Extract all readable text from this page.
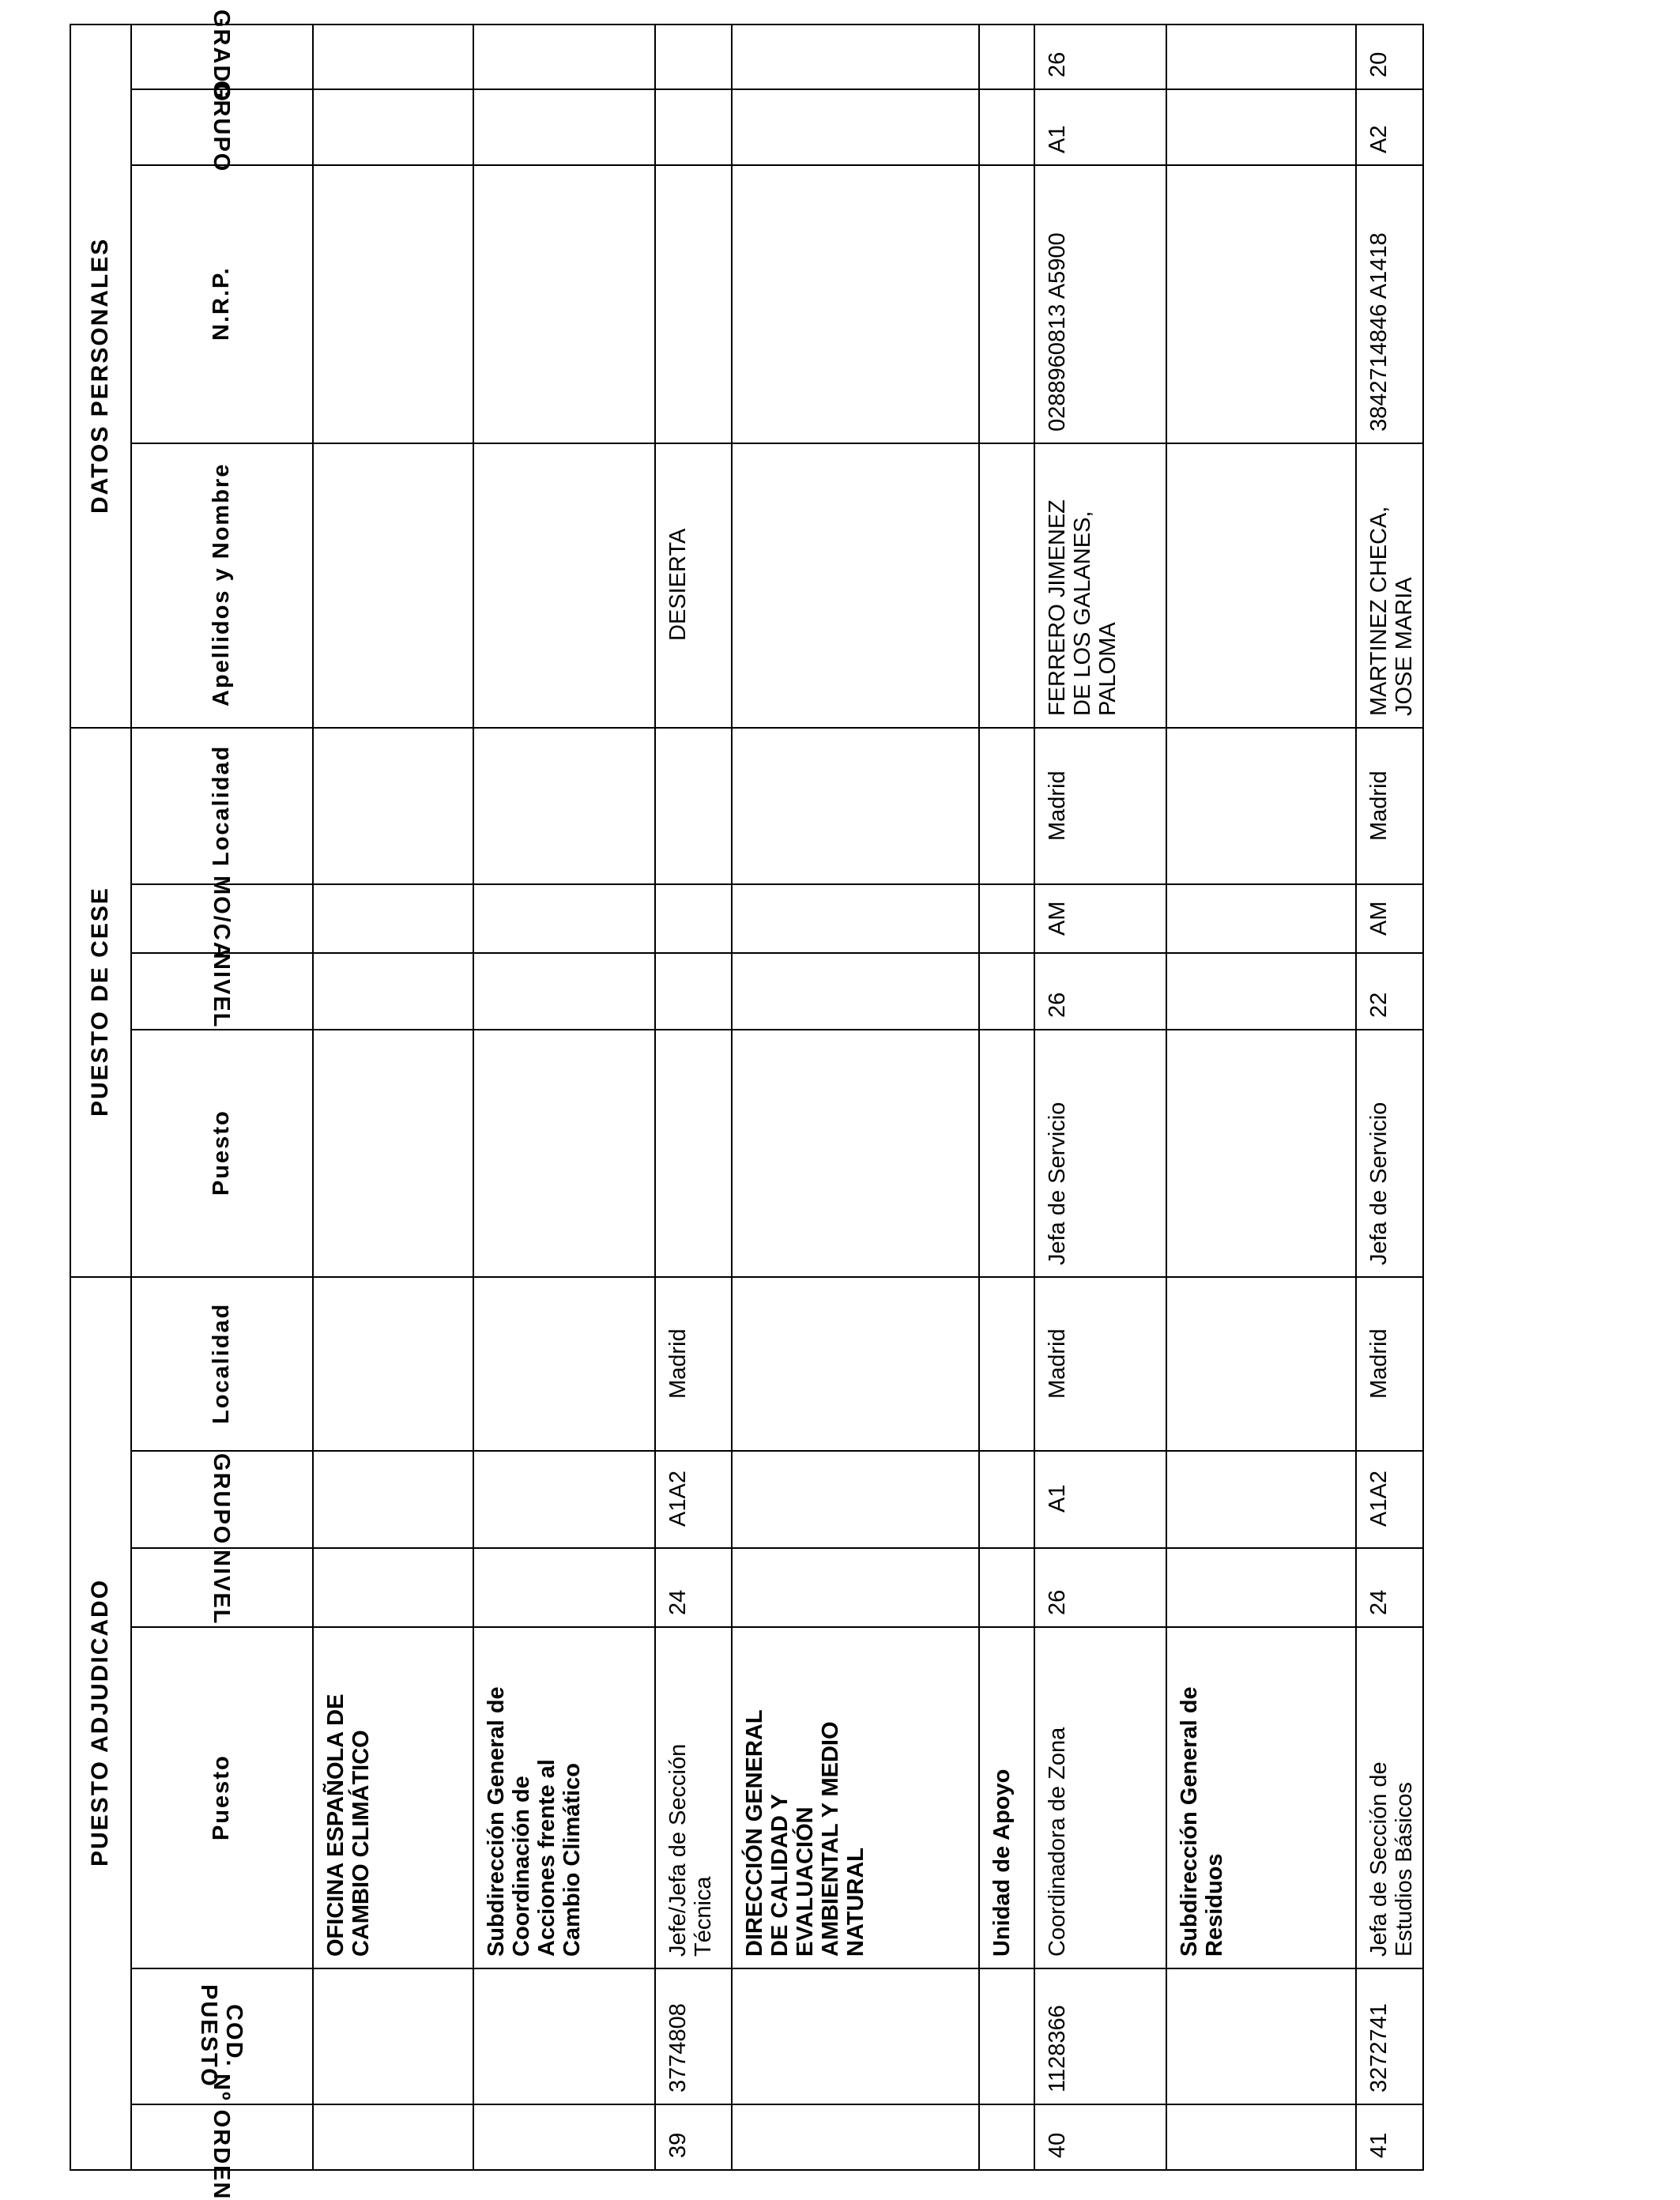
DATOS PERSONALES
PUESTO DE CESE
PUESTO ADJUDICADO
GRADO
GRUPO
N.R.P.
Apellidos y Nombre
Localidad
MO/CA
NIVEL
Puesto
Localidad
GRUPO
NIVEL
Puesto
COD.
PUESTO
Nº ORDEN
OFICINA ESPAÑOLA DE
CAMBIO CLIMÁTICO
Subdirección General de
Coordinación de
Acciones frente al
Cambio Climático
DESIERTA
Madrid
A1A2
24
Jefe/Jefa de Sección
Técnica
3774808
39
DIRECCIÓN GENERAL
DE CALIDAD Y
EVALUACIÓN
AMBIENTAL Y MEDIO
NATURAL	Unidad de Apoyo
26
A1
0288960813 A5900
FERRERO JIMENEZ
DE LOS GALANES,
PALOMA
Madrid
AM
26
Jefa de Servicio
Madrid
A1
26
Coordinadora de Zona
1128366
40
Subdirección General de
Residuos
20
A2
3842714846 A1418
MARTINEZ CHECA,
JOSE MARIA
Madrid
AM
22
Jefa de Servicio
Madrid
A1A2
24
Jefa de Sección de
Estudios Básicos
3272741
41
